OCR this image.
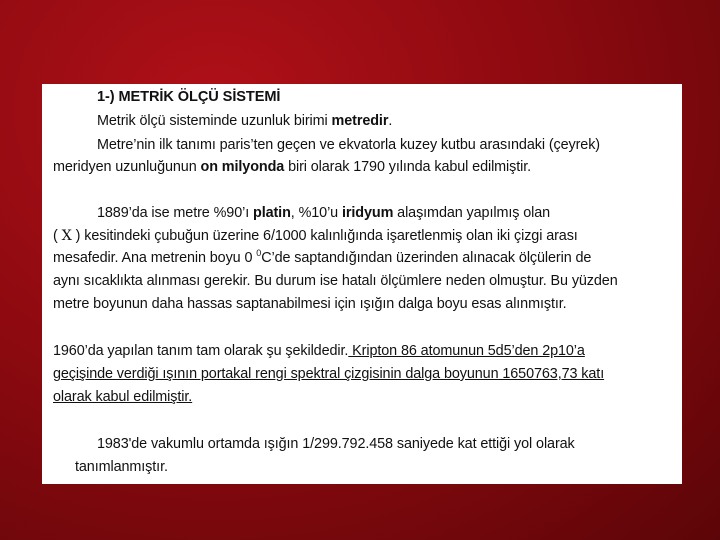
1-) METRİK ÖLÇÜ SİSTEMİ
Metrik ölçü sisteminde uzunluk birimi metredir.
Metre’nin ilk tanımı paris’ten geçen ve ekvatorla kuzey kutbu arasındaki (çeyrek)
meridyen uzunluğunun on milyonda biri olarak 1790 yılında kabul edilmiştir.
1889’da ise metre %90’ı platin, %10’u iridyum alaşımdan yapılmış olan
( X ) kesitindeki çubuğun üzerine 6/1000 kalınlığında işaretlenmiş olan iki çizgi arası
mesafedir. Ana metrenin boyu 0 $^0$C’de saptandığından üzerinden alınacak ölçülerin de
aynı sıcaklıkta alınması gerekir. Bu durum ise hatalı ölçümlere neden olmuştur. Bu yüzden
metre boyunun daha hassas saptanabilmesi için ışığın dalga boyu esas alınmıştır.
1960’da yapılan tanım tam olarak şu şekildedir. Kripton 86 atomunun 5d5’den 2p10’a
geçişinde verdiği ışının portakal rengi spektral çizgisinin dalga boyunun 1650763,73 katı
olarak kabul edilmiştir.
1983'de vakumlu ortamda ışığın 1/299.792.458 saniyede kat ettiği yol olarak
tanımlanmıştır.
